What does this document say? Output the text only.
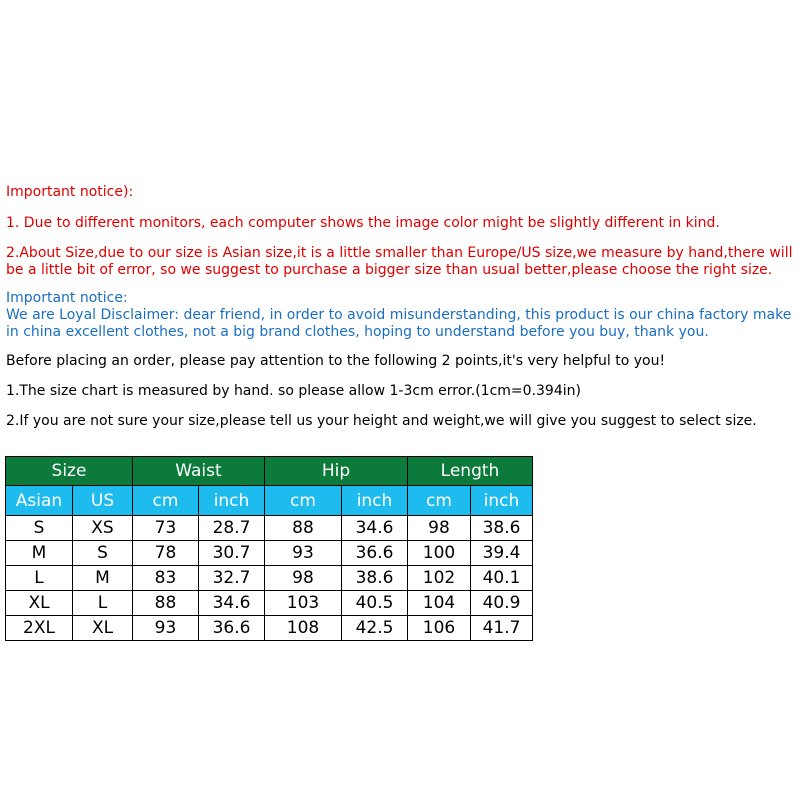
Important notice):
1. Due to different monitors, each computer shows the image color might be slightly different in kind.
2.About Size,due to our size is Asian size,it is a little smaller than Europe/US size,we measure by hand,there will
be a little bit of error, so we suggest to purchase a bigger size than usual better,please choose the right size.
Important notice:
We are Loyal Disclaimer: dear friend, in order to avoid misunderstanding, this product is our china factory make
in china excellent clothes, not a big brand clothes, hoping to understand before you buy, thank you.
Before placing an order, please pay attention to the following 2 points,it's very helpful to you!
1.The size chart is measured by hand. so please allow 1-3cm error.(1cm=0.394in)
2.If you are not sure your size,please tell us your height and weight,we will give you suggest to select size.
Size		Waist		Hip		Length	
Asian	US	cm	inch	cm	inch	cm	inch
S	XS	73	28.7	88	34.6	98	38.6
M	S	78	30.7	93	36.6	100	39.4
L	M	83	32.7	98	38.6	102	40.1
XL	L	88	34.6	103	40.5	104	40.9
2XL	XL	93	36.6	108	42.5	106	41.7
